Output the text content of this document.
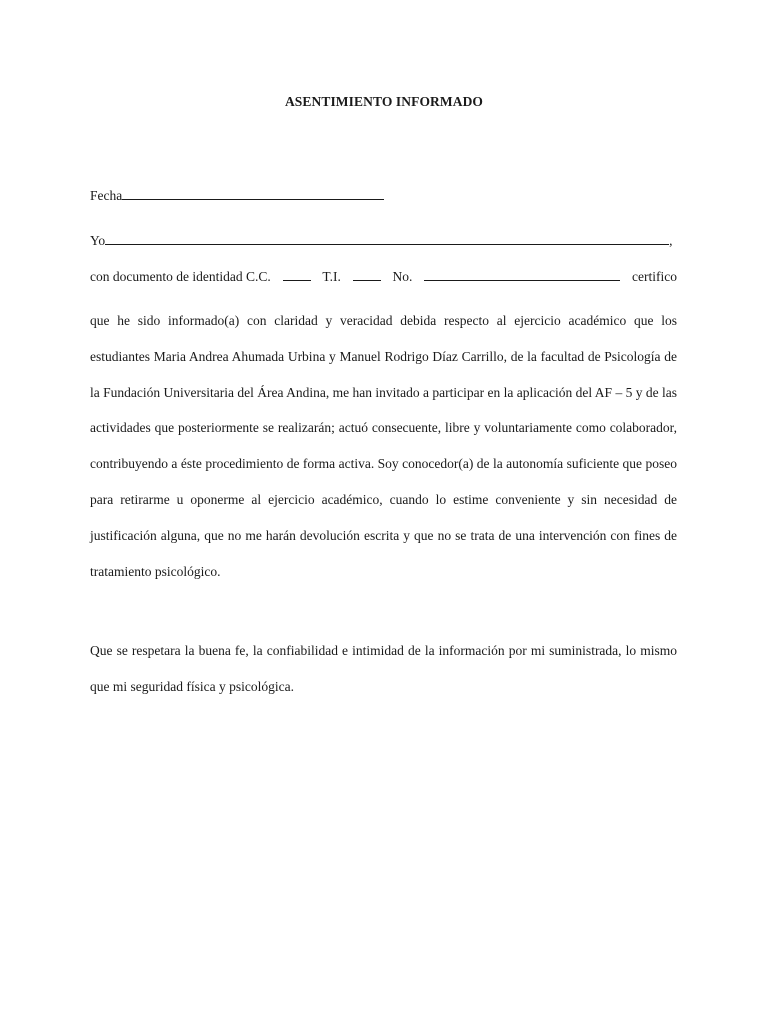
ASENTIMIENTO INFORMADO
Fecha
Yo	,
con documento de identidad C.C.	T.I.	No.	certifico

que he sido informado(a) con claridad y veracidad debida respecto al ejercicio académico que los estudiantes Maria Andrea Ahumada Urbina y Manuel Rodrigo Díaz Carrillo, de la facultad de Psicología de la Fundación Universitaria del Área Andina, me han invitado a participar en la aplicación del AF – 5 y de las actividades que posteriormente se realizarán; actuó consecuente, libre y voluntariamente como colaborador, contribuyendo a éste procedimiento de forma activa. Soy conocedor(a) de la autonomía suficiente que poseo para retirarme u oponerme al ejercicio académico, cuando lo estime conveniente y sin necesidad de justificación alguna, que no me harán devolución escrita y que no se trata de una intervención con fines de tratamiento psicológico.

Que se respetara la buena fe, la confiabilidad e intimidad de la información por mi suministrada, lo mismo que mi seguridad física y psicológica.
